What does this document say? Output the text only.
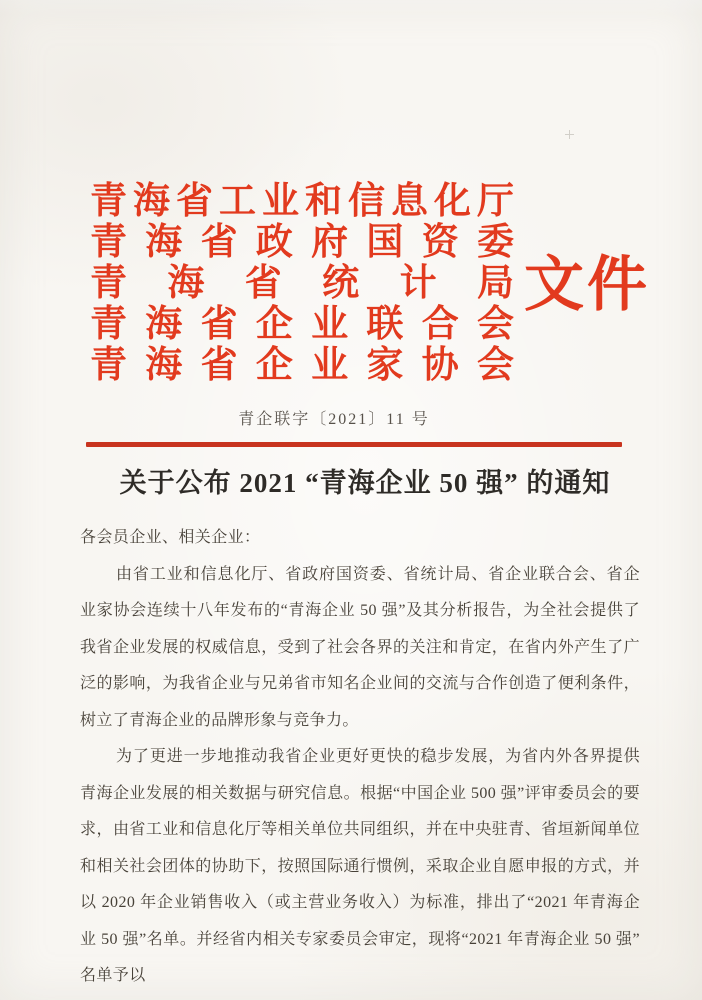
青 海 省 工 业 和 信 息 化 厅
青 海 省 政 府 国 资 委
青 海 省 统 计 局
青 海 省 企 业 联 合 会
青 海 省 企 业 家 协 会
文件
青企联字〔2021〕11 号
关于公布 2021 “青海企业 50 强” 的通知

各会员企业、相关企业：

由省工业和信息化厅、省政府国资委、省统计局、省企业联合会、省企业家协会连续十八年发布的“青海企业 50 强”及其分析报告，为全社会提供了我省企业发展的权威信息，受到了社会各界的关注和肯定，在省内外产生了广泛的影响，为我省企业与兄弟省市知名企业间的交流与合作创造了便利条件，树立了青海企业的品牌形象与竞争力。

为了更进一步地推动我省企业更好更快的稳步发展，为省内外各界提供青海企业发展的相关数据与研究信息。根据“中国企业 500 强”评审委员会的要求，由省工业和信息化厅等相关单位共同组织，并在中央驻青、省垣新闻单位和相关社会团体的协助下，按照国际通行惯例，采取企业自愿申报的方式，并以 2020 年企业销售收入（或主营业务收入）为标准，排出了“2021 年青海企业 50 强”名单。并经省内相关专家委员会审定，现将“2021 年青海企业 50 强”名单予以
